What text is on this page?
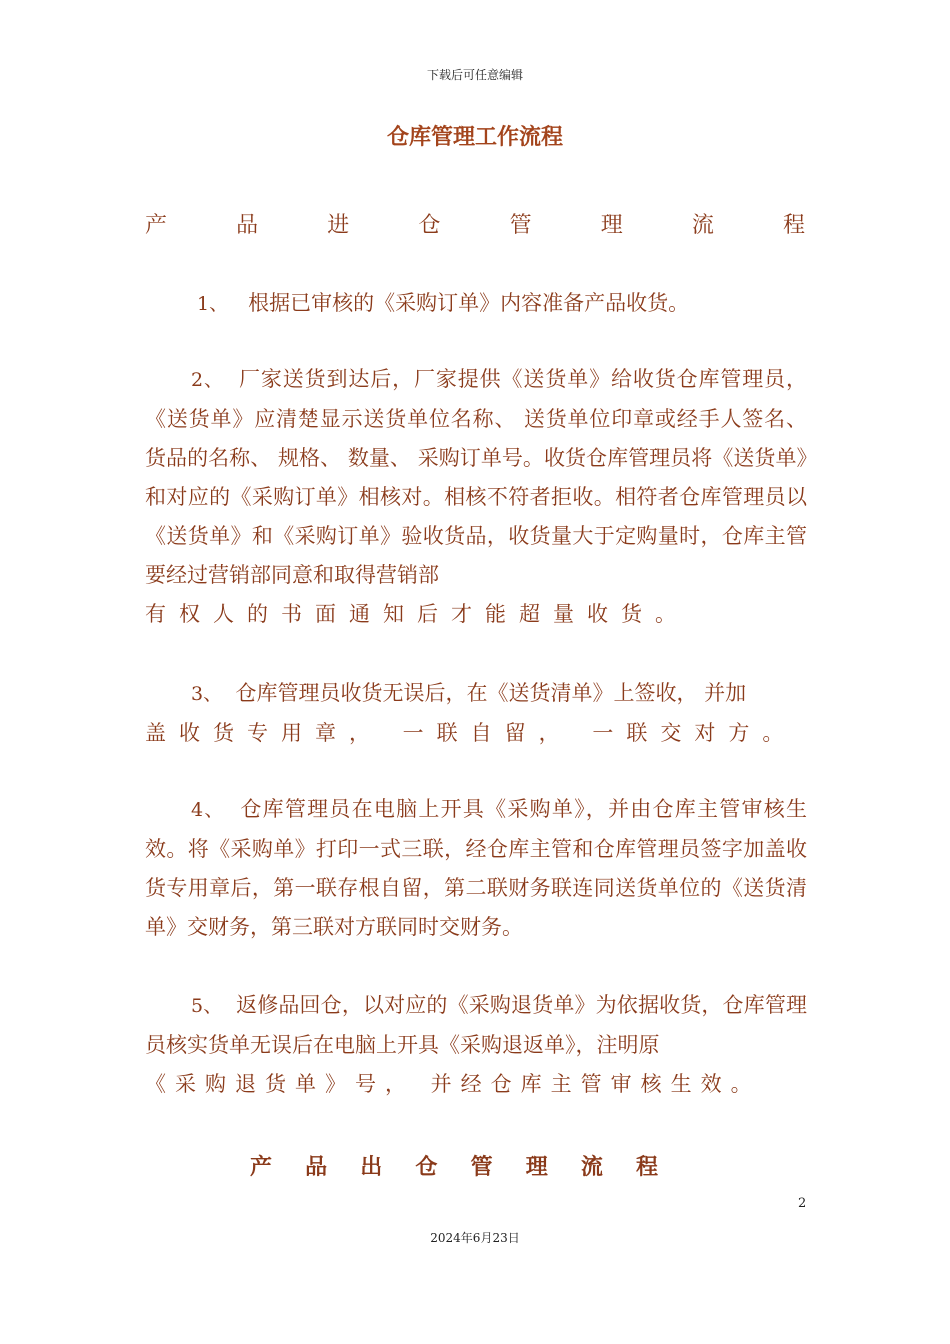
下载后可任意编辑
仓库管理工作流程
产	品	进	仓	管	理	流	程
1、 根据已审核的《采购订单》内容准备产品收货。
2、 厂家送货到达后，厂家提供《送货单》给收货仓库管理员，《送货单》应清楚显示送货单位名称、 送货单位印章或经手人签名、 货品的名称、 规格、 数量、 采购订单号。收货仓库管理员将《送货单》和对应的《采购订单》相核对。相核不符者拒收。相符者仓库管理员以《送货单》和《采购订单》验收货品，收货量大于定购量时，仓库主管要经过营销部同意和取得营销部
有权人的书面通知后才能超量收货。
3、 仓库管理员收货无误后，在《送货清单》上签收， 并加
盖收货专用章， 一联自留， 一联交对方。
4、 仓库管理员在电脑上开具《采购单》，并由仓库主管审核生效。将《采购单》打印一式三联，经仓库主管和仓库管理员签字加盖收货专用章后，第一联存根自留，第二联财务联连同送货单位的《送货清单》交财务，第三联对方联同时交财务。
5、 返修品回仓，以对应的《采购退货单》为依据收货，仓库管理员核实货单无误后在电脑上开具《采购退返单》，注明原
《采购退货单》号， 并经仓库主管审核生效。
产 品 出 仓 管 理 流 程
2
2024年6月23日
